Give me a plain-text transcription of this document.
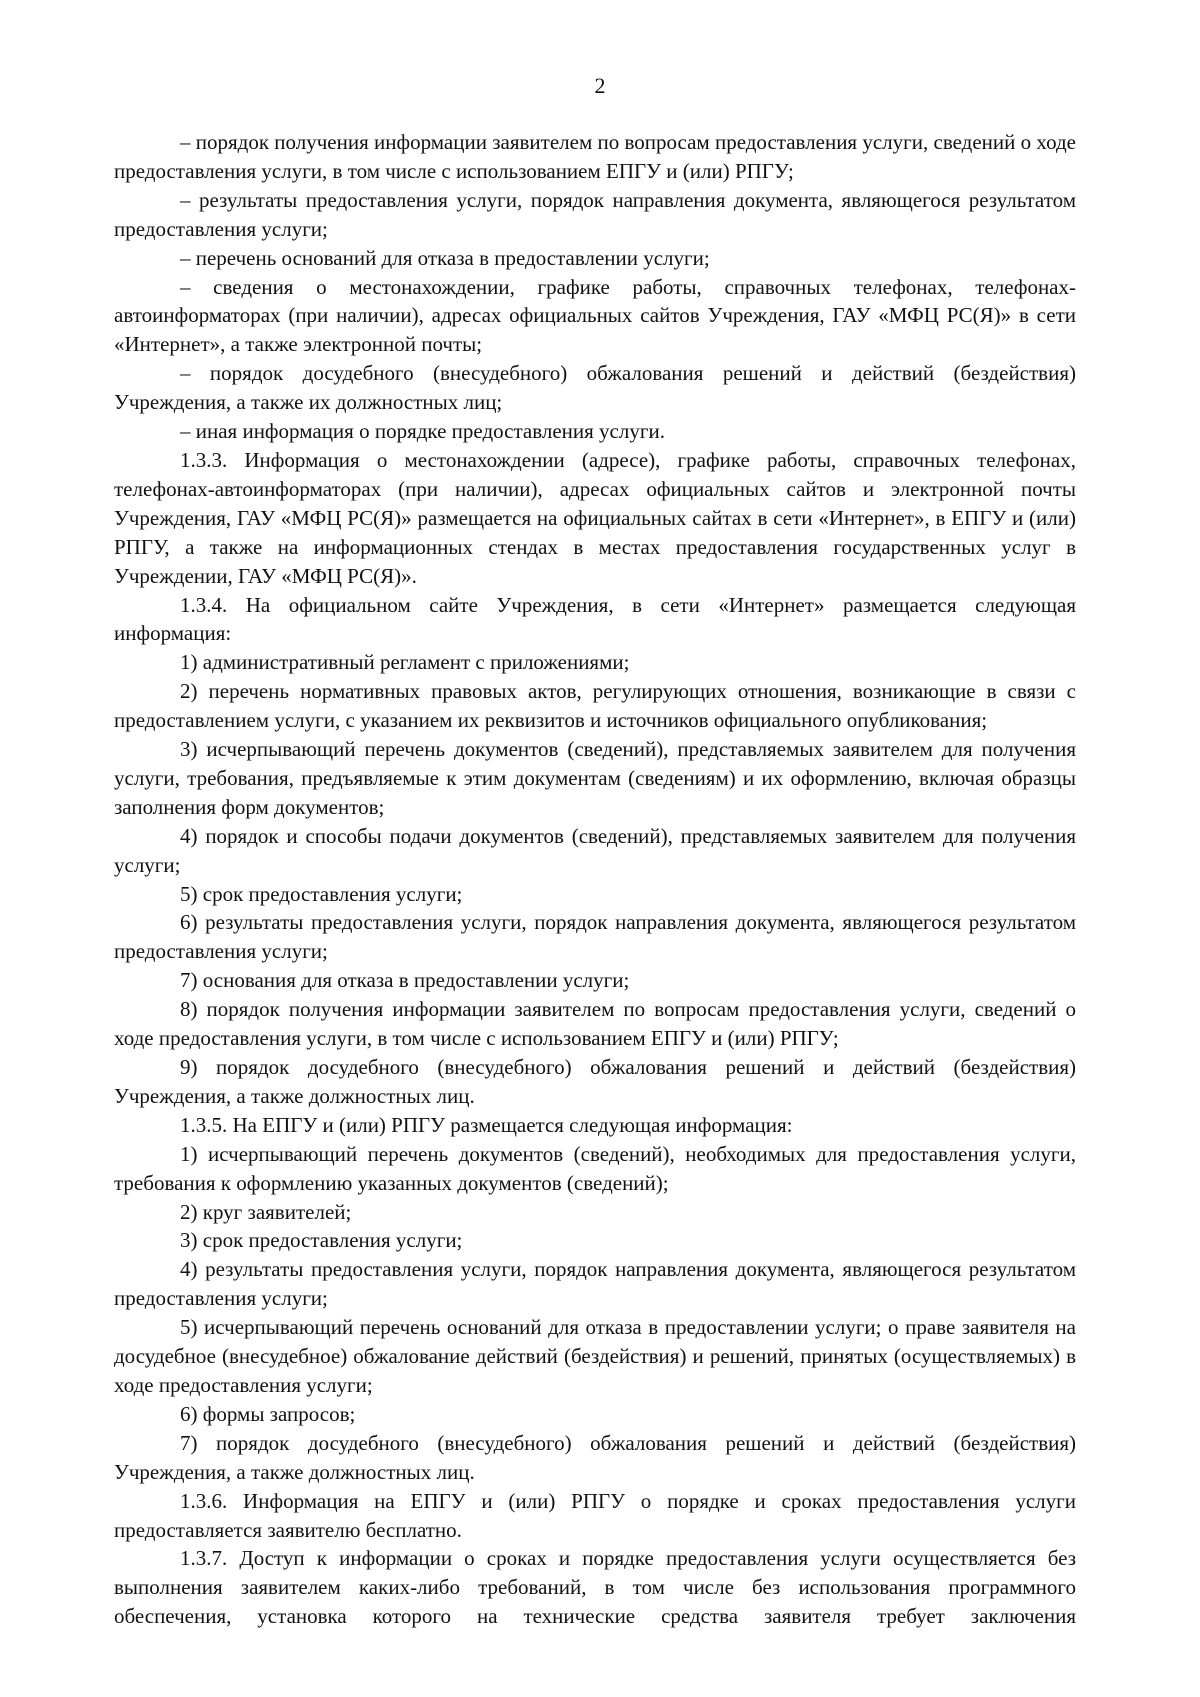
2

– порядок получения информации заявителем по вопросам предоставления услуги, сведений о ходе предоставления услуги, в том числе с использованием ЕПГУ и (или) РПГУ;

– результаты предоставления услуги, порядок направления документа, являющегося результатом предоставления услуги;

– перечень оснований для отказа в предоставлении услуги;

– сведения о местонахождении, графике работы, справочных телефонах, телефонах-автоинформаторах (при наличии), адресах официальных сайтов Учреждения, ГАУ «МФЦ РС(Я)» в сети «Интернет», а также электронной почты;

– порядок досудебного (внесудебного) обжалования решений и действий (бездействия) Учреждения, а также их должностных лиц;

– иная информация о порядке предоставления услуги.

1.3.3. Информация о местонахождении (адресе), графике работы, справочных телефонах, телефонах-автоинформаторах (при наличии), адресах официальных сайтов и электронной почты Учреждения, ГАУ «МФЦ РС(Я)» размещается на официальных сайтах в сети «Интернет», в ЕПГУ и (или) РПГУ, а также на информационных стендах в местах предоставления государственных услуг в Учреждении, ГАУ «МФЦ РС(Я)».

1.3.4. На официальном сайте Учреждения, в сети «Интернет» размещается следующая информация:

1) административный регламент с приложениями;

2) перечень нормативных правовых актов, регулирующих отношения, возникающие в связи с предоставлением услуги, с указанием их реквизитов и источников официального опубликования;

3) исчерпывающий перечень документов (сведений), представляемых заявителем для получения услуги, требования, предъявляемые к этим документам (сведениям) и их оформлению, включая образцы заполнения форм документов;

4) порядок и способы подачи документов (сведений), представляемых заявителем для получения услуги;

5) срок предоставления услуги;

6) результаты предоставления услуги, порядок направления документа, являющегося результатом предоставления услуги;

7) основания для отказа в предоставлении услуги;

8) порядок получения информации заявителем по вопросам предоставления услуги, сведений о ходе предоставления услуги, в том числе с использованием ЕПГУ и (или) РПГУ;

9) порядок досудебного (внесудебного) обжалования решений и действий (бездействия) Учреждения, а также должностных лиц.

1.3.5. На ЕПГУ и (или) РПГУ размещается следующая информация:

1) исчерпывающий перечень документов (сведений), необходимых для предоставления услуги, требования к оформлению указанных документов (сведений);

2) круг заявителей;

3) срок предоставления услуги;

4) результаты предоставления услуги, порядок направления документа, являющегося результатом предоставления услуги;

5) исчерпывающий перечень оснований для отказа в предоставлении услуги; о праве заявителя на досудебное (внесудебное) обжалование действий (бездействия) и решений, принятых (осуществляемых) в ходе предоставления услуги;

6) формы запросов;

7) порядок досудебного (внесудебного) обжалования решений и действий (бездействия) Учреждения, а также должностных лиц.

1.3.6. Информация на ЕПГУ и (или) РПГУ о порядке и сроках предоставления услуги предоставляется заявителю бесплатно.

1.3.7. Доступ к информации о сроках и порядке предоставления услуги осуществляется без выполнения заявителем каких-либо требований, в том числе без использования программного обеспечения, установка которого на технические средства заявителя требует заключения
